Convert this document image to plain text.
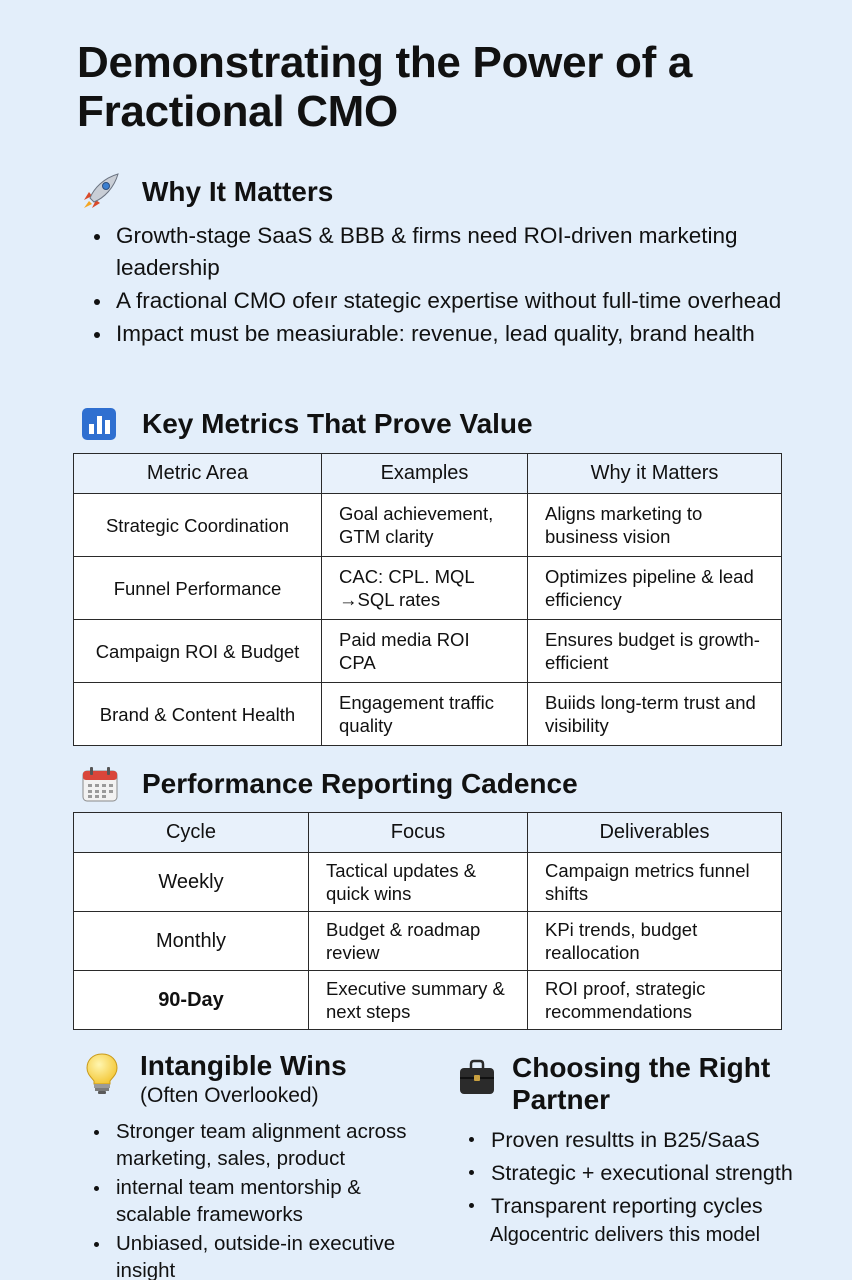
Demonstrating the Power of a Fractional CMO
Why It Matters
Growth-stage SaaS & BBB & firms need ROI-driven marketing leadership
A fractional CMO ofeır stategic expertise without full-time overhead
Impact must be measiurable: revenue, lead quality, brand health
Key Metrics That Prove Value
Metric Area	Examples	Why it Matters
Strategic Coordination	Goal achievement, GTM clarity	Aligns marketing to business vision
Funnel Performance	CAC: CPL. MQL →SQL rates	Optimizes pipeline & lead efficiency
Campaign ROI & Budget	Paid media ROI CPA	Ensures budget is growth-efficient
Brand & Content Health	Engagement traffic quality	Buiids long-term trust and visibility
Performance Reporting Cadence
Cycle	Focus	Deliverables
Weekly	Tactical updates & quick wins	Campaign metrics funnel shifts
Monthly	Budget & roadmap review	KPi trends, budget reallocation
90-Day	Executive summary & next steps	ROI proof, strategic recommendations
Intangible Wins
(Often Overlooked)
Stronger team alignment across marketing, sales, product
internal team mentorship & scalable frameworks
Unbiased, outside-in executive insight
Choosing the Right Partner
Proven resultts in B25/SaaS
Strategic + executional strength
Transparent reporting cycles
Algocentric delivers this model
